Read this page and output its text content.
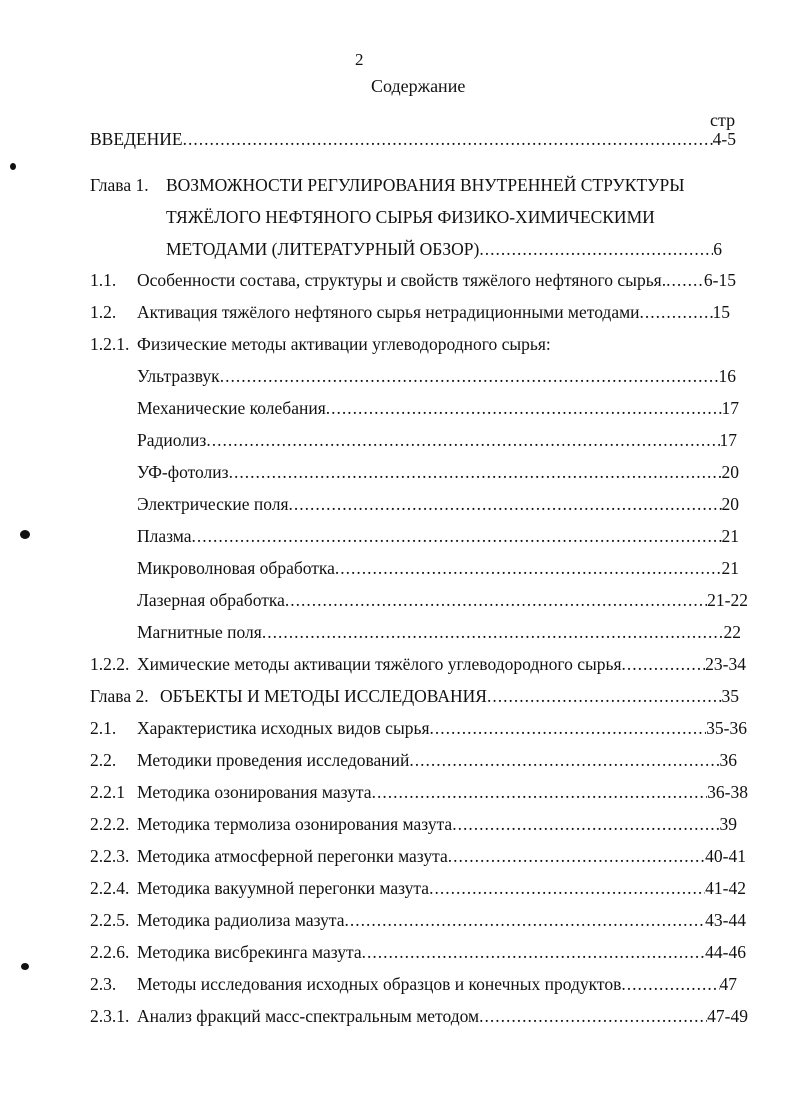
2
Содержание
стр
ВВЕДЕНИЕ .....	4-5
Глава 1. ВОЗМОЖНОСТИ РЕГУЛИРОВАНИЯ ВНУТРЕННЕЙ СТРУКТУРЫ
ТЯЖЁЛОГО НЕФТЯНОГО СЫРЬЯ ФИЗИКО-ХИМИЧЕСКИМИ
МЕТОДАМИ (ЛИТЕРАТУРНЫЙ ОБЗОР) .....	6
1.1. Особенности состава, структуры и свойств тяжёлого нефтяного сырья. ..... 6-15
1.2. Активация тяжёлого нефтяного сырья нетрадиционными методами .....	15
1.2.1. Физические методы активации углеводородного сырья:
Ультразвук .....	16
Механические колебания .....	17
Радиолиз .....	17
УФ-фотолиз .....	20
Электрические поля .....	20
Плазма .....	21
Микроволновая обработка .....	21
Лазерная обработка .....	21-22
Магнитные поля .....	22
1.2.2. Химические методы активации тяжёлого углеводородного сырья .....	23-34
Глава 2. ОБЪЕКТЫ И МЕТОДЫ ИССЛЕДОВАНИЯ .....	35
2.1. Характеристика исходных видов сырья .....	35-36
2.2. Методики проведения исследований .....	36
2.2.1 Методика озонирования мазута .....	36-38
2.2.2. Методика термолиза озонирования мазута .....	39
2.2.3. Методика атмосферной перегонки мазута .....	40-41
2.2.4. Методика вакуумной перегонки мазута .....	41-42
2.2.5. Методика радиолиза мазута .....	43-44
2.2.6. Методика висбрекинга мазута .....	44-46
2.3. Методы исследования исходных образцов и конечных продуктов .....	47
2.3.1. Анализ фракций масс-спектральным методом .....	47-49
